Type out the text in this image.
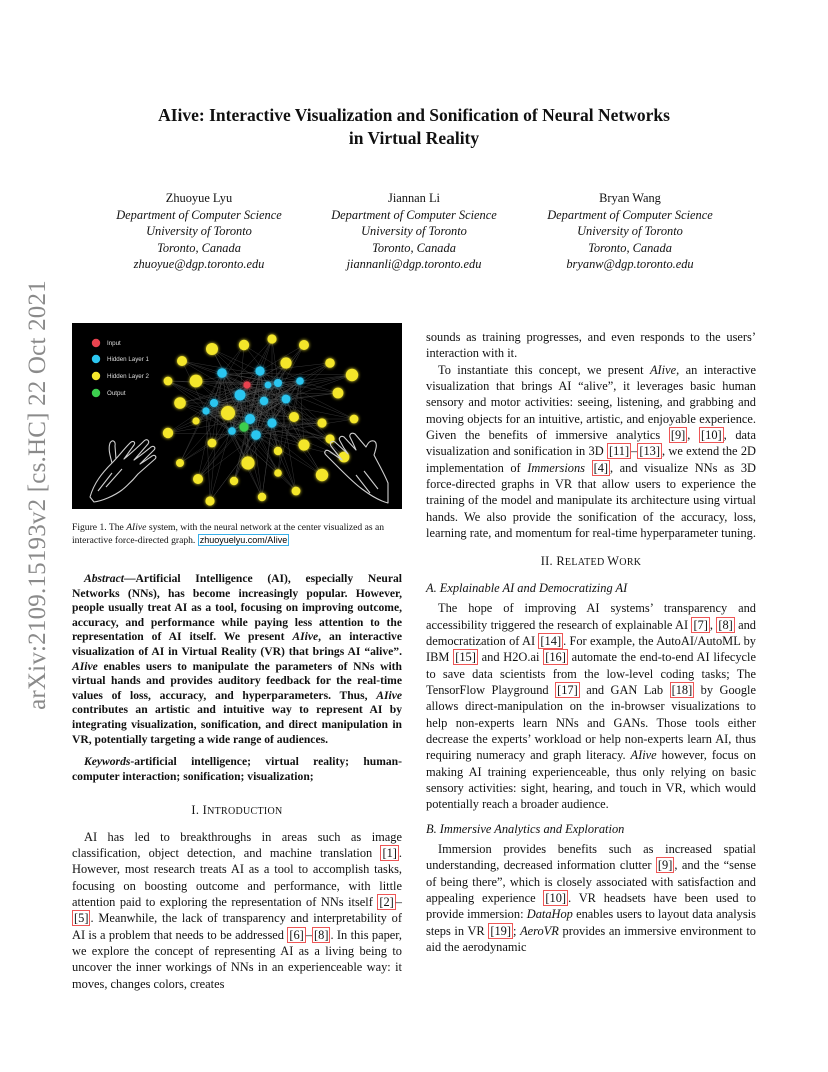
AIive: Interactive Visualization and Sonification of Neural Networks
in Virtual Reality
Zhuoyue Lyu
Department of Computer Science
University of Toronto
Toronto, Canada
zhuoyue@dgp.toronto.edu
Jiannan Li
Department of Computer Science
University of Toronto
Toronto, Canada
jiannanli@dgp.toronto.edu
Bryan Wang
Department of Computer Science
University of Toronto
Toronto, Canada
bryanw@dgp.toronto.edu
arXiv:2109.15193v2 [cs.HC] 22 Oct 2021	Input
Hidden Layer 1
Hidden Layer 2
Output
Figure 1. The AIive system, with the neural network at the center visualized as an interactive force-directed graph. zhuoyuelyu.com/AIive

Abstract—Artificial Intelligence (AI), especially Neural Networks (NNs), has become increasingly popular. However, people usually treat AI as a tool, focusing on improving outcome, accuracy, and performance while paying less attention to the representation of AI itself. We present AIive, an interactive visualization of AI in Virtual Reality (VR) that brings AI “alive”. AIive enables users to manipulate the parameters of NNs with virtual hands and provides auditory feedback for the real-time values of loss, accuracy, and hyperparameters. Thus, AIive contributes an artistic and intuitive way to represent AI by integrating visualization, sonification, and direct manipulation in VR, potentially targeting a wide range of audiences.

Keywords-artificial intelligence; virtual reality; human-computer interaction; sonification; visualization;

I. INTRODUCTION

AI has led to breakthroughs in areas such as image classification, object detection, and machine translation [1] . However, most research treats AI as a tool to accomplish tasks, focusing on boosting outcome and performance, with little attention paid to exploring the representation of NNs itself [2] –[5] . Meanwhile, the lack of transparency and interpretability of AI is a problem that needs to be addressed [6] – [8] . In this paper, we explore the concept of representing AI as a living being to uncover the inner workings of NNs in an experienceable way: it moves, changes colors, creates

sounds as training progresses, and even responds to the users’ interaction with it.

To instantiate this concept, we present AIive, an interactive visualization that brings AI “alive”, it leverages basic human sensory and motor activities: seeing, listening, and grabbing and moving objects for an intuitive, artistic, and enjoyable experience. Given the benefits of immersive analytics [9] , [10] , data visualization and sonification in 3D [11] – [13] , we extend the 2D implementation of Immersions [4] , and visualize NNs as 3D force-directed graphs in VR that allow users to experience the training of the model and manipulate its architecture using virtual hands. We also provide the sonification of the accuracy, loss, learning rate, and momentum for real-time hyperparameter tuning.

II. RELATED WORK
A. Explainable AI and Democratizing AI

The hope of improving AI systems’ transparency and accessibility triggered the research of explainable AI [7] , [8] and democratization of AI [14] . For example, the AutoAI/AutoML by IBM [15] and H2O.ai [16] automate the end-to-end AI lifecycle to save data scientists from the low-level coding tasks; The TensorFlow Playground [17] and GAN Lab [18] by Google allows direct-manipulation on the in-browser visualizations to help non-experts learn NNs and GANs. Those tools either decrease the experts’ workload or help non-experts learn AI, thus requiring numeracy and graph literacy. AIive however, focus on making AI training experienceable, thus only relying on basic sensory activities: sight, hearing, and touch in VR, which would potentially reach a broader audience.

B. Immersive Analytics and Exploration

Immersion provides benefits such as increased spatial understanding, decreased information clutter [9] , and the “sense of being there”, which is closely associated with satisfaction and appealing experience [10] . VR headsets have been used to provide immersion: DataHop enables users to layout data analysis steps in VR [19] ; AeroVR provides an immersive environment to aid the aerodynamic
